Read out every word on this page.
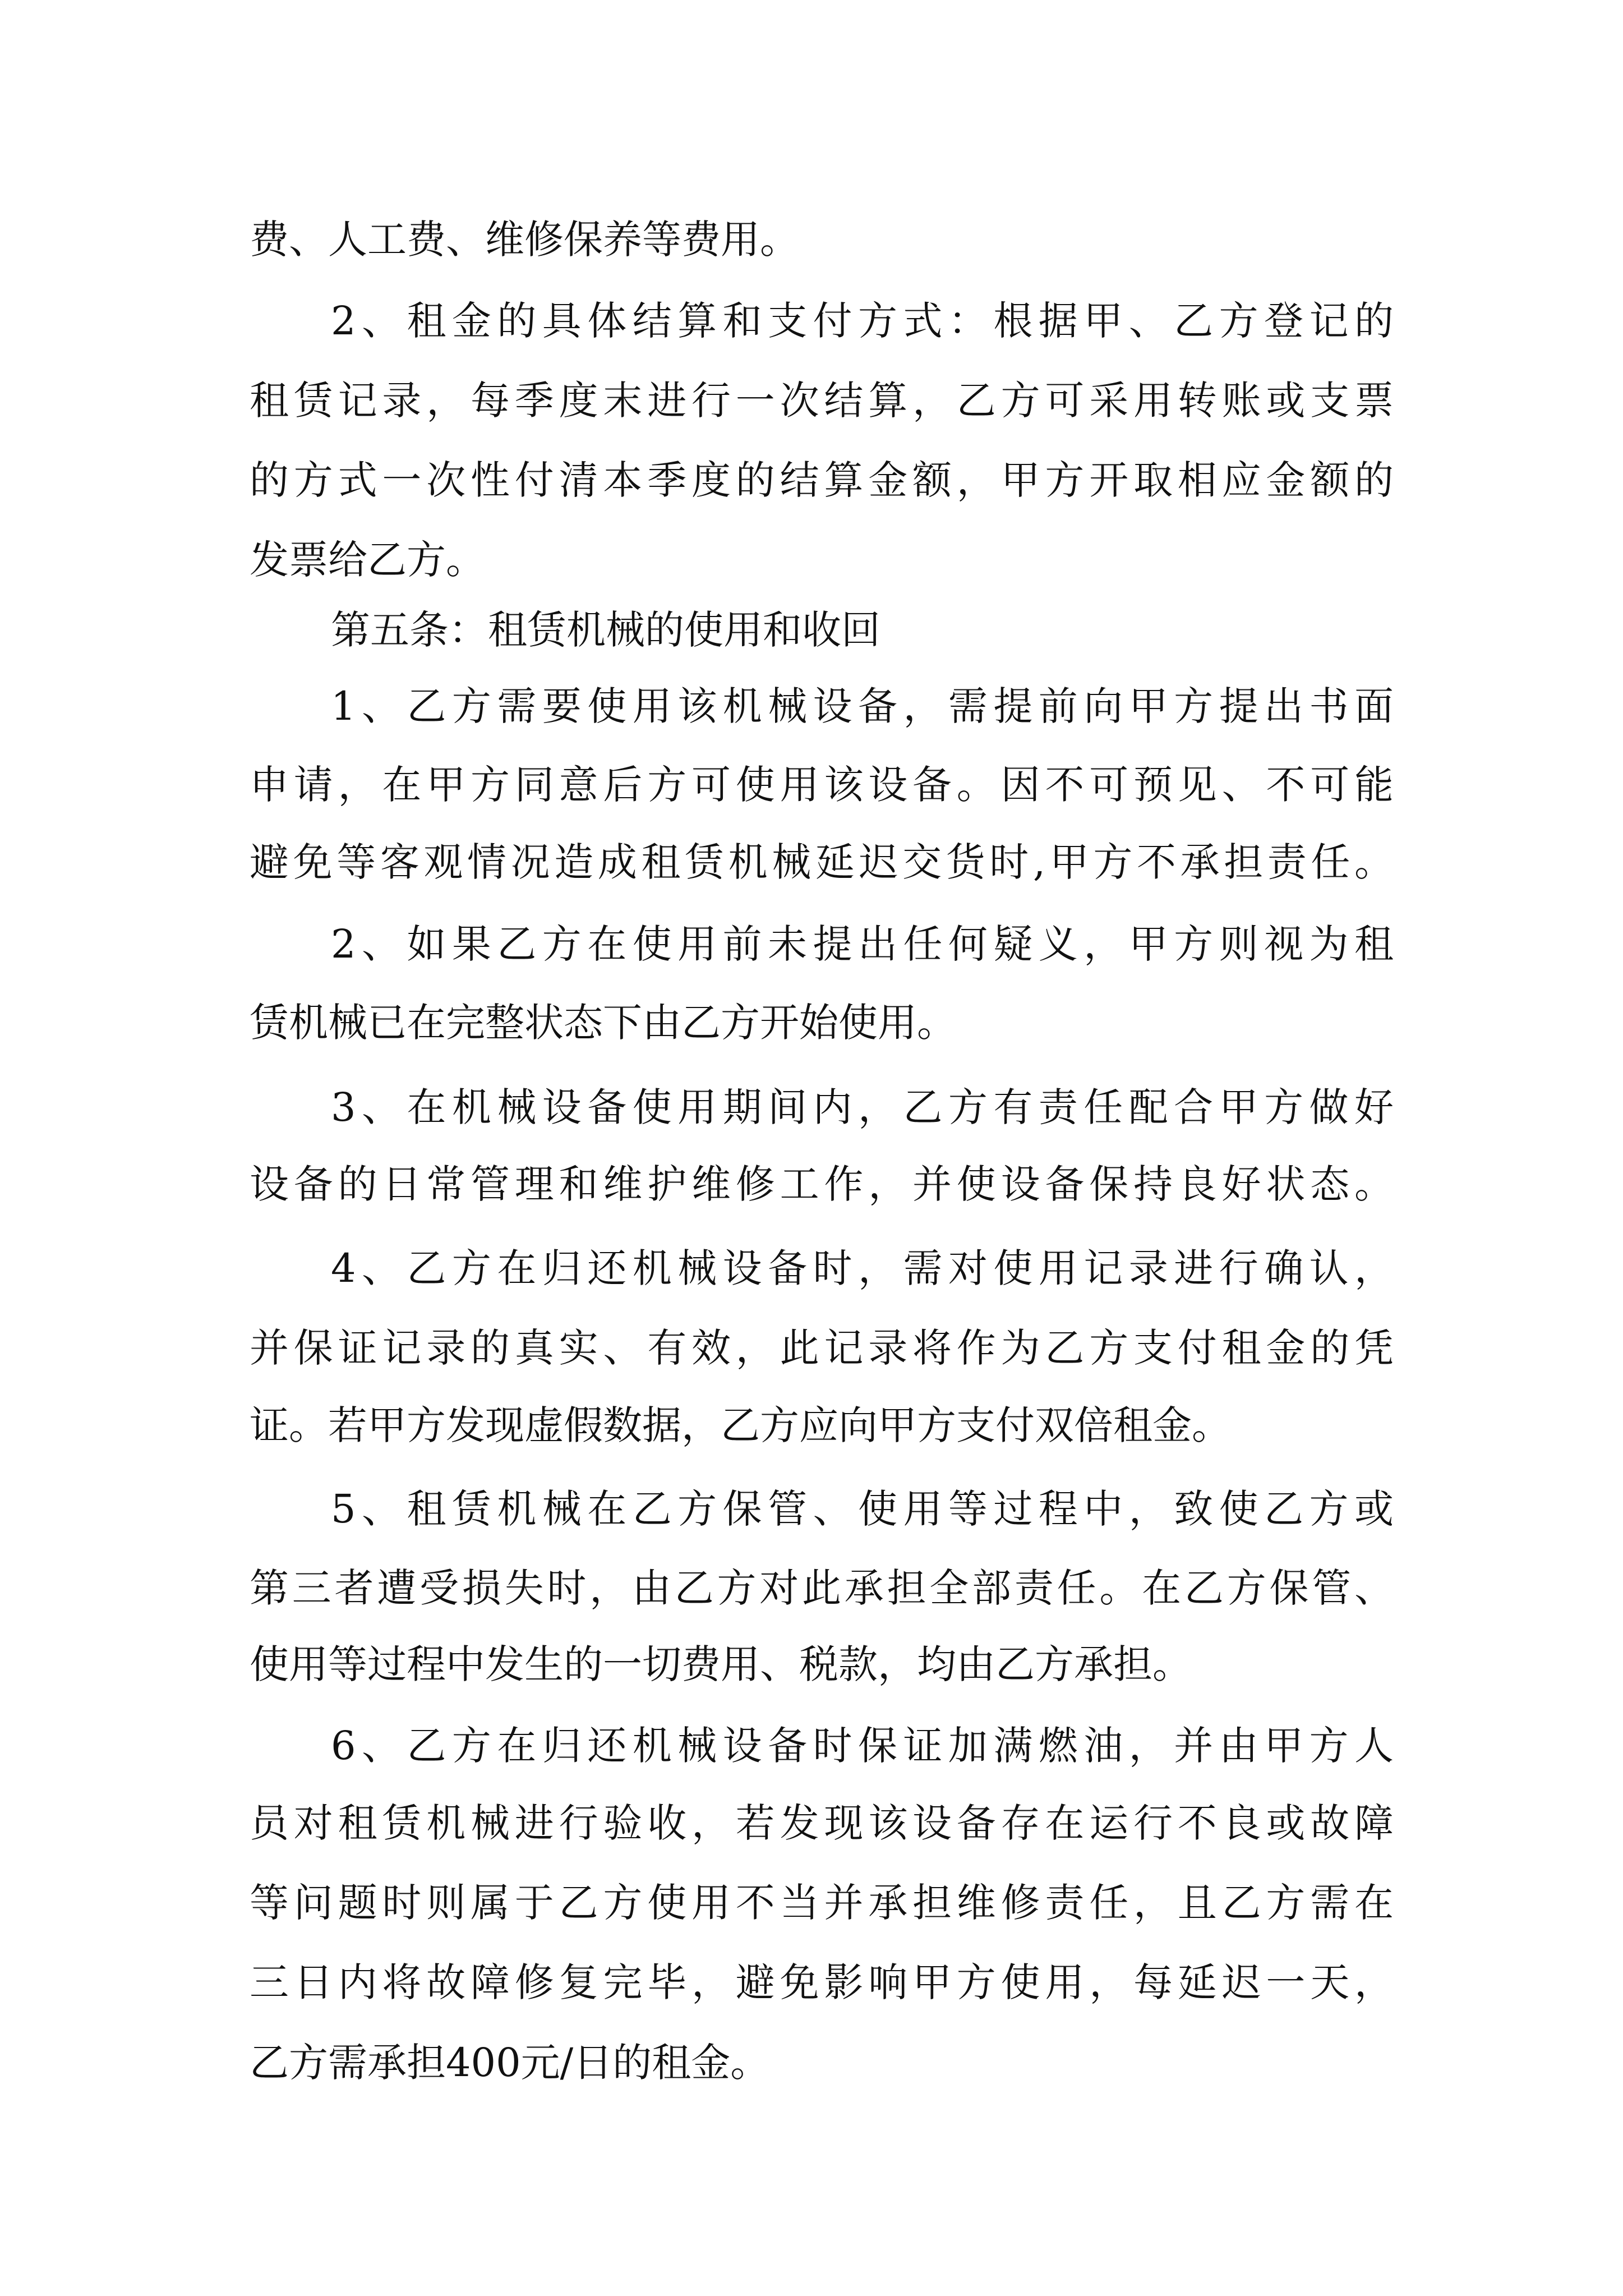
费、人工费、维修保养等费用。
2、租金的具体结算和支付方式：根据甲、乙方登记的
租赁记录，每季度末进行一次结算，乙方可采用转账或支票
的方式一次性付清本季度的结算金额，甲方开取相应金额的
发票给乙方。
第五条：租赁机械的使用和收回
1、乙方需要使用该机械设备，需提前向甲方提出书面
申请，在甲方同意后方可使用该设备。因不可预见、不可能
避免等客观情况造成租赁机械延迟交货时,甲方不承担责任。
2、如果乙方在使用前未提出任何疑义，甲方则视为租
赁机械已在完整状态下由乙方开始使用。
3、在机械设备使用期间内，乙方有责任配合甲方做好
设备的日常管理和维护维修工作，并使设备保持良好状态。
4、乙方在归还机械设备时，需对使用记录进行确认，
并保证记录的真实、有效，此记录将作为乙方支付租金的凭
证。若甲方发现虚假数据，乙方应向甲方支付双倍租金。
5、租赁机械在乙方保管、使用等过程中，致使乙方或
第三者遭受损失时，由乙方对此承担全部责任。在乙方保管、
使用等过程中发生的一切费用、税款，均由乙方承担。
6、乙方在归还机械设备时保证加满燃油，并由甲方人
员对租赁机械进行验收，若发现该设备存在运行不良或故障
等问题时则属于乙方使用不当并承担维修责任，且乙方需在
三日内将故障修复完毕，避免影响甲方使用，每延迟一天，
乙方需承担400元/日的租金。
